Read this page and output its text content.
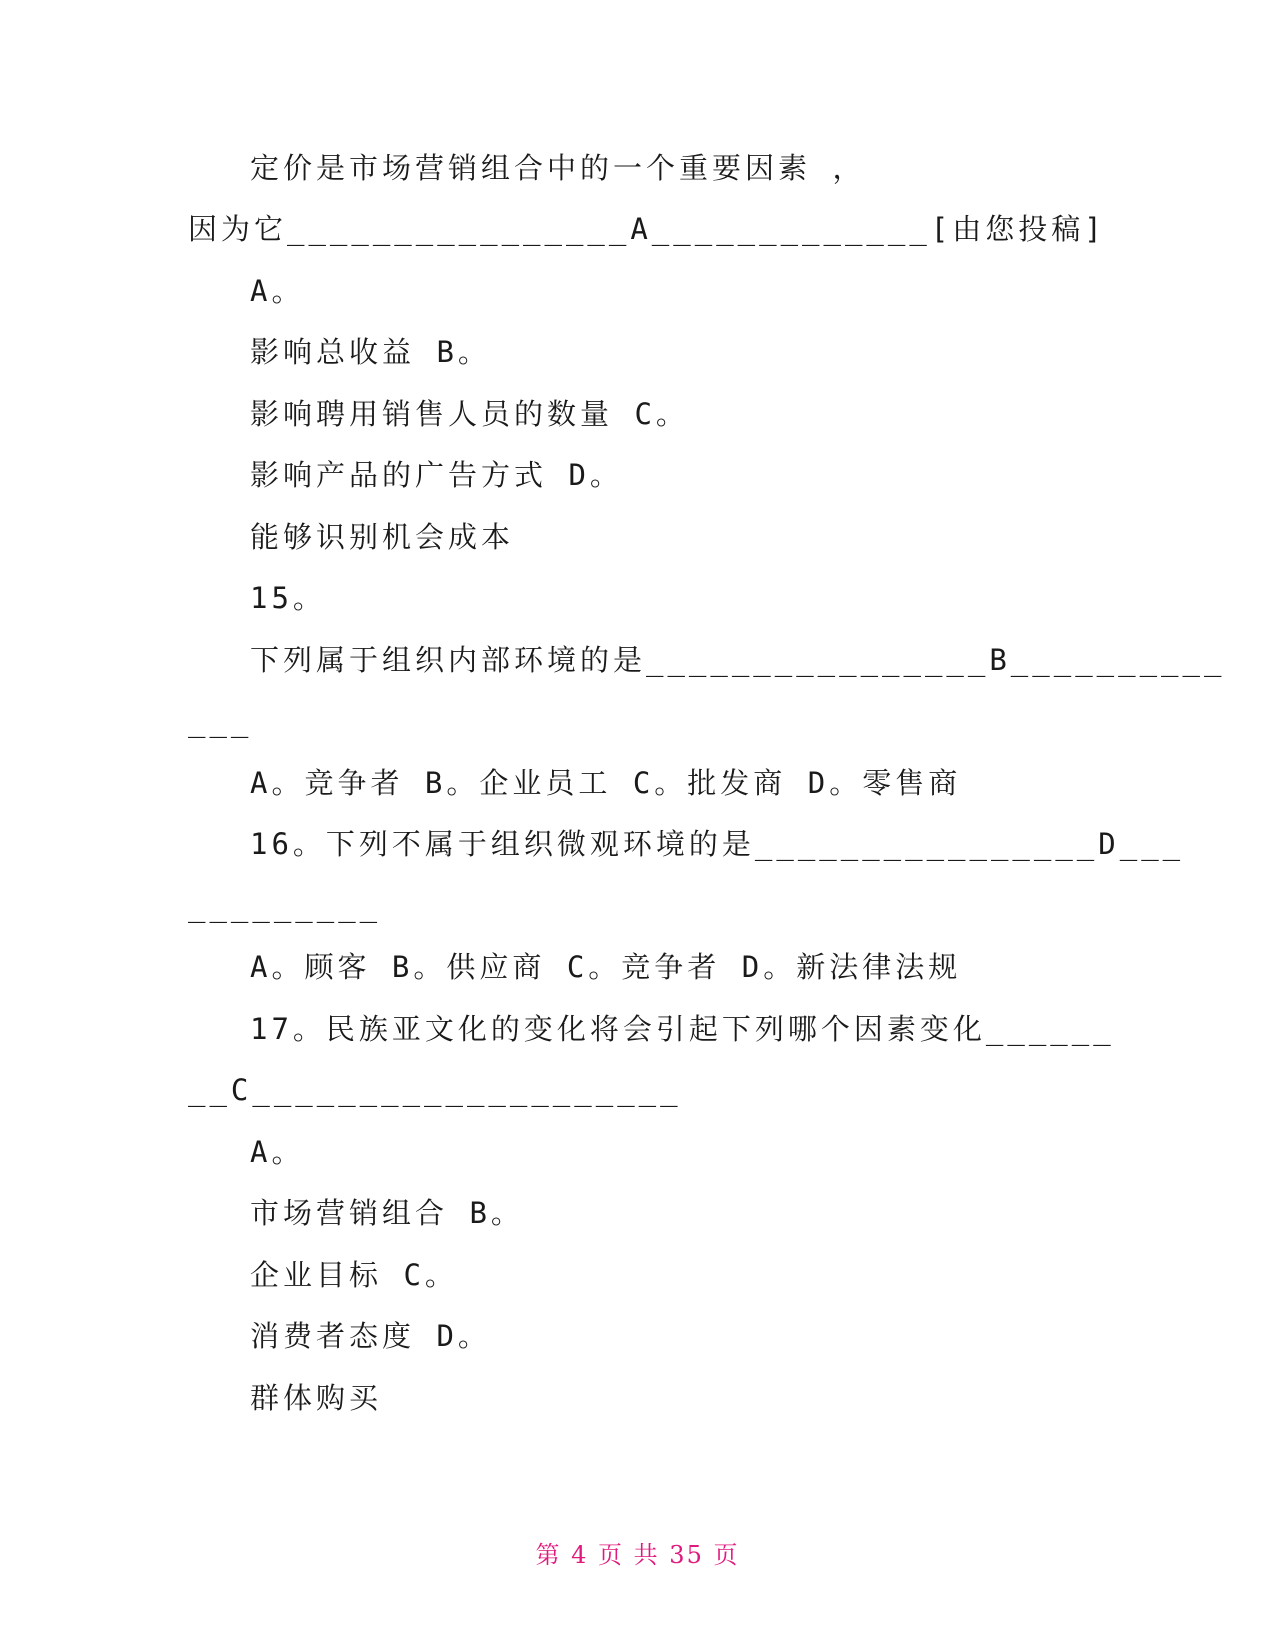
定价是市场营销组合中的一个重要因素 ，
因为它________________A_____________[由您投稿]
A。
影响总收益 B。
影响聘用销售人员的数量 C。
影响产品的广告方式 D。
能够识别机会成本
15。
下列属于组织内部环境的是________________B__________
___
A。竞争者 B。企业员工 C。批发商 D。零售商
16。下列不属于组织微观环境的是________________D___
_________
A。顾客 B。供应商 C。竞争者 D。新法律法规
17。民族亚文化的变化将会引起下列哪个因素变化______
__C____________________
A。
市场营销组合 B。
企业目标 C。
消费者态度 D。
群体购买
第 4 页 共 35 页
